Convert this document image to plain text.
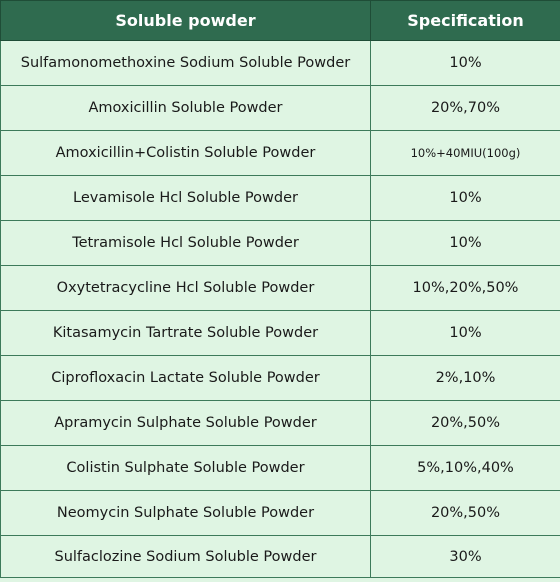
Soluble powder	Specification
Sulfamonomethoxine Sodium Soluble Powder	10%
Amoxicillin Soluble Powder	20%,70%
Amoxicillin+Colistin Soluble Powder	10%+40MIU(100g)
Levamisole Hcl Soluble Powder	10%
Tetramisole Hcl Soluble Powder	10%
Oxytetracycline Hcl Soluble Powder	10%,20%,50%
Kitasamycin Tartrate Soluble Powder	10%
Ciprofloxacin Lactate Soluble Powder	2%,10%
Apramycin Sulphate Soluble Powder	20%,50%
Colistin Sulphate Soluble Powder	5%,10%,40%
Neomycin Sulphate Soluble Powder	20%,50%
Sulfaclozine Sodium Soluble Powder	30%
